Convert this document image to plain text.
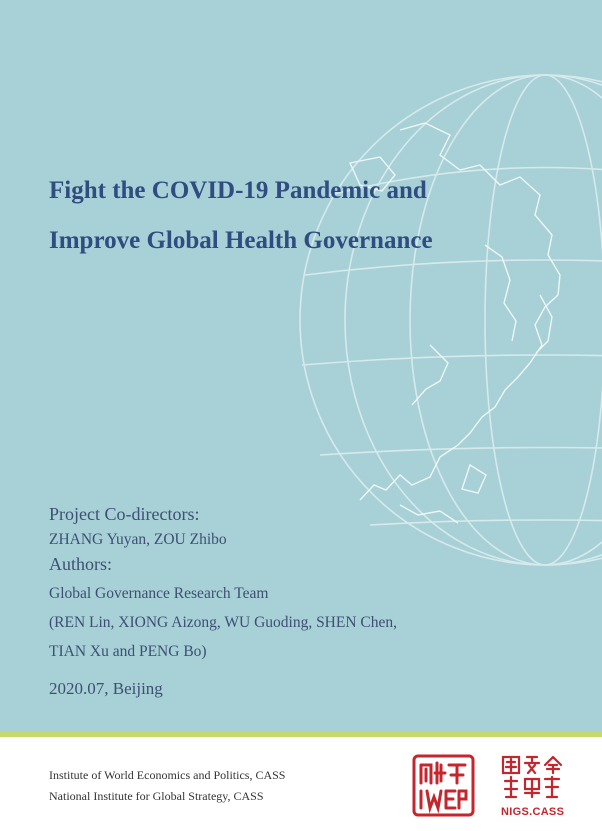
Fight the COVID-19 Pandemic and
Improve Global Health Governance
Project Co-directors:
ZHANG Yuyan, ZOU Zhibo
Authors:
Global Governance Research Team
(REN Lin, XIONG Aizong, WU Guoding, SHEN Chen,
TIAN Xu and PENG Bo)
2020.07, Beijing
Institute of World Economics and Politics, CASS
National Institute for Global Strategy, CASS
NIGS.CASS
